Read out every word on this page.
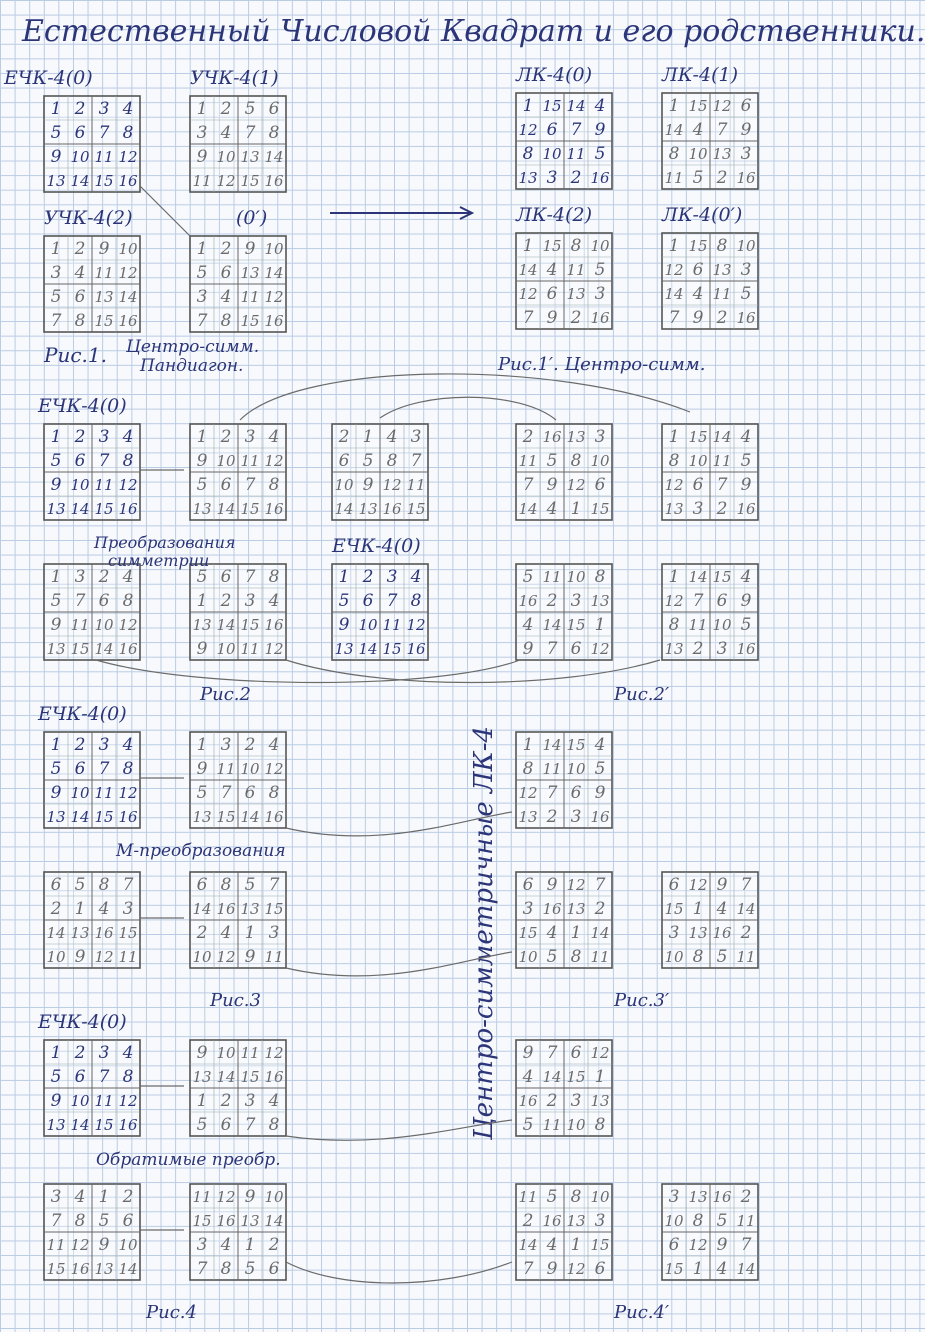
Естественный Числовой Квадрат и его родственники.
1 2 3 4
5 6 7 8
9 10 11 12
13 14 15 16
ЕЧК-4(0)
1 2 5 6
3 4 7 8
9 10 13 14
11 12 15 16
УЧК-4(1)
1 15 14 4
12 6 7 9
8 10 11 5
13 3 2 16
ЛК-4(0)
1 15 12 6
14 4 7 9
8 10 13 3
11 5 2 16
ЛК-4(1)
1 2 9 10
3 4 11 12
5 6 13 14
7 8 15 16
УЧК-4(2)
1 2 9 10
5 6 13 14
3 4 11 12
7 8 15 16
(0′)
1 15 8 10
14 4 11 5
12 6 13 3
7 9 2 16
ЛК-4(2)
1 15 8 10
12 6 13 3
14 4 11 5
7 9 2 16
ЛК-4(0′)
1 2 3 4
5 6 7 8
9 10 11 12
13 14 15 16
ЕЧК-4(0)
1 2 3 4
9 10 11 12
5 6 7 8
13 14 15 16
2 1 4 3
6 5 8 7
10 9 12 11
14 13 16 15
2 16 13 3
11 5 8 10
7 9 12 6
14 4 1 15
1 15 14 4
8 10 11 5
12 6 7 9
13 3 2 16
1 3 2 4
5 7 6 8
9 11 10 12
13 15 14 16
5 6 7 8
1 2 3 4
13 14 15 16
9 10 11 12
1 2 3 4
5 6 7 8
9 10 11 12
13 14 15 16
ЕЧК-4(0)
5 11 10 8
16 2 3 13
4 14 15 1
9 7 6 12
1 14 15 4
12 7 6 9
8 11 10 5
13 2 3 16
1 2 3 4
5 6 7 8
9 10 11 12
13 14 15 16
ЕЧК-4(0)
1 3 2 4
9 11 10 12
5 7 6 8
13 15 14 16
1 14 15 4
8 11 10 5
12 7 6 9
13 2 3 16
6 5 8 7
2 1 4 3
14 13 16 15
10 9 12 11
6 8 5 7
14 16 13 15
2 4 1 3
10 12 9 11
6 9 12 7
3 16 13 2
15 4 1 14
10 5 8 11
6 12 9 7
15 1 4 14
3 13 16 2
10 8 5 11
1 2 3 4
5 6 7 8
9 10 11 12
13 14 15 16
ЕЧК-4(0)
9 10 11 12
13 14 15 16
1 2 3 4
5 6 7 8
9 7 6 12
4 14 15 1
16 2 3 13
5 11 10 8
3 4 1 2
7 8 5 6
11 12 9 10
15 16 13 14
11 12 9 10
15 16 13 14
3 4 1 2
7 8 5 6
11 5 8 10
2 16 13 3
14 4 1 15
7 9 12 6
3 13 16 2
10 8 5 11
6 12 9 7
15 1 4 14
Рис.1. Центро-симм. Пандиагон.	Рис.1′. Центро-симм.
Рис.2	Рис.2′
Преобразования симметрии
Рис.3	Рис.3′
М-преобразования
Рис.4	Рис.4′
Обратимые преобр.
Центро-симметричные ЛК-4
